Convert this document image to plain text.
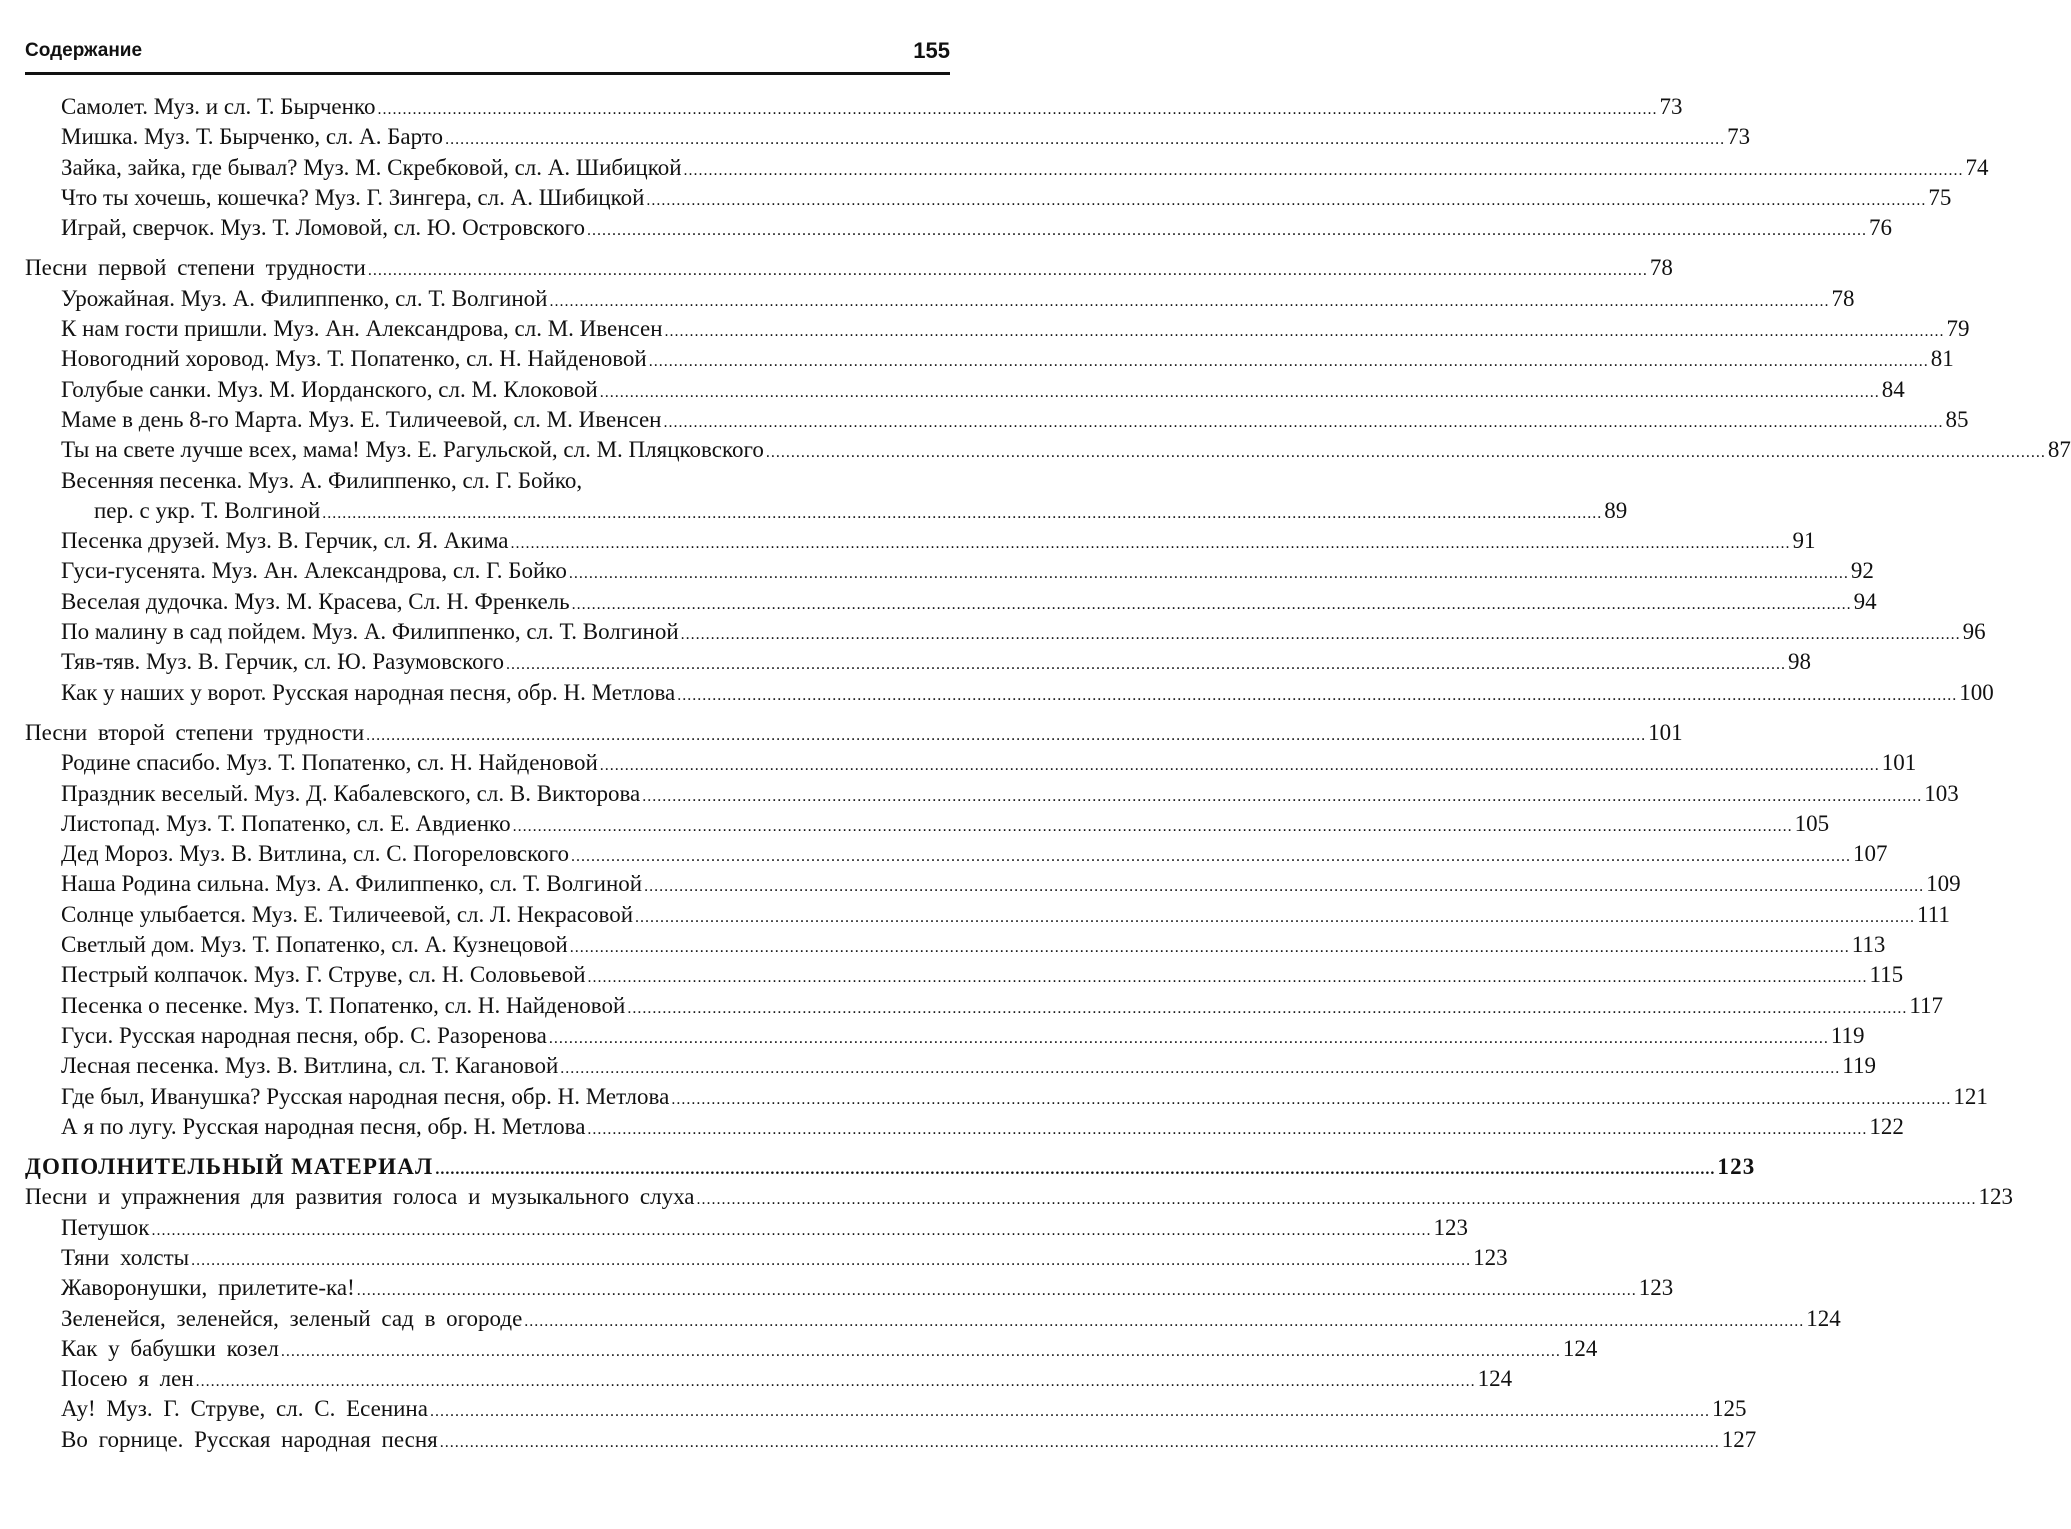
Содержание	155
Самолет. Муз. и сл. Т. Бырченко .....	73
Мишка. Муз. Т. Бырченко, сл. А. Барто .....	73
Зайка, зайка, где бывал? Муз. М. Скребковой, сл. А. Шибицкой .....	74
Что ты хочешь, кошечка? Муз. Г. Зингера, сл. А. Шибицкой .....	75
Играй, сверчок. Муз. Т. Ломовой, сл. Ю. Островского .....	76
Песни первой степени трудности .....	78
Урожайная. Муз. А. Филиппенко, сл. Т. Волгиной .....	78
К нам гости пришли. Муз. Ан. Александрова, сл. М. Ивенсен .....	79
Новогодний хоровод. Муз. Т. Попатенко, сл. Н. Найденовой .....	81
Голубые санки. Муз. М. Иорданского, сл. М. Клоковой .....	84
Маме в день 8-го Марта. Муз. Е. Тиличеевой, сл. М. Ивенсен .....	85
Ты на свете лучше всех, мама! Муз. Е. Рагульской, сл. М. Пляцковского .....	87
Весенняя песенка. Муз. А. Филиппенко, сл. Г. Бойко,
пер. с укр. Т. Волгиной .....	89
Песенка друзей. Муз. В. Герчик, сл. Я. Акима .....	91
Гуси-гусенята. Муз. Ан. Александрова, сл. Г. Бойко .....	92
Веселая дудочка. Муз. М. Красева, Сл. Н. Френкель .....	94
По малину в сад пойдем. Муз. А. Филиппенко, сл. Т. Волгиной .....	96
Тяв-тяв. Муз. В. Герчик, сл. Ю. Разумовского .....	98
Как у наших у ворот. Русская народная песня, обр. Н. Метлова .....	100
Песни второй степени трудности .....	101
Родине спасибо. Муз. Т. Попатенко, сл. Н. Найденовой .....	101
Праздник веселый. Муз. Д. Кабалевского, сл. В. Викторова .....	103
Листопад. Муз. Т. Попатенко, сл. Е. Авдиенко .....	105
Дед Мороз. Муз. В. Витлина, сл. С. Погореловского .....	107
Наша Родина сильна. Муз. А. Филиппенко, сл. Т. Волгиной .....	109
Солнце улыбается. Муз. Е. Тиличеевой, сл. Л. Некрасовой .....	111
Светлый дом. Муз. Т. Попатенко, сл. А. Кузнецовой .....	113
Пестрый колпачок. Муз. Г. Струве, сл. Н. Соловьевой .....	115
Песенка о песенке. Муз. Т. Попатенко, сл. Н. Найденовой .....	117
Гуси. Русская народная песня, обр. С. Разоренова .....	119
Лесная песенка. Муз. В. Витлина, сл. Т. Кагановой .....	119
Где был, Иванушка? Русская народная песня, обр. Н. Метлова .....	121
А я по лугу. Русская народная песня, обр. Н. Метлова .....	122
ДОПОЛНИТЕЛЬНЫЙ МАТЕРИАЛ .....	123
Песни и упражнения для развития голоса и музыкального слуха .....	123
Петушок .....	123
Тяни холсты .....	123
Жаворонушки, прилетите-ка! .....	123
Зеленейся, зеленейся, зеленый сад в огороде .....	124
Как у бабушки козел .....	124
Посею я лен .....	124
Ау! Муз. Г. Струве, сл. С. Есенина .....	125
Во горнице. Русская народная песня .....	127
